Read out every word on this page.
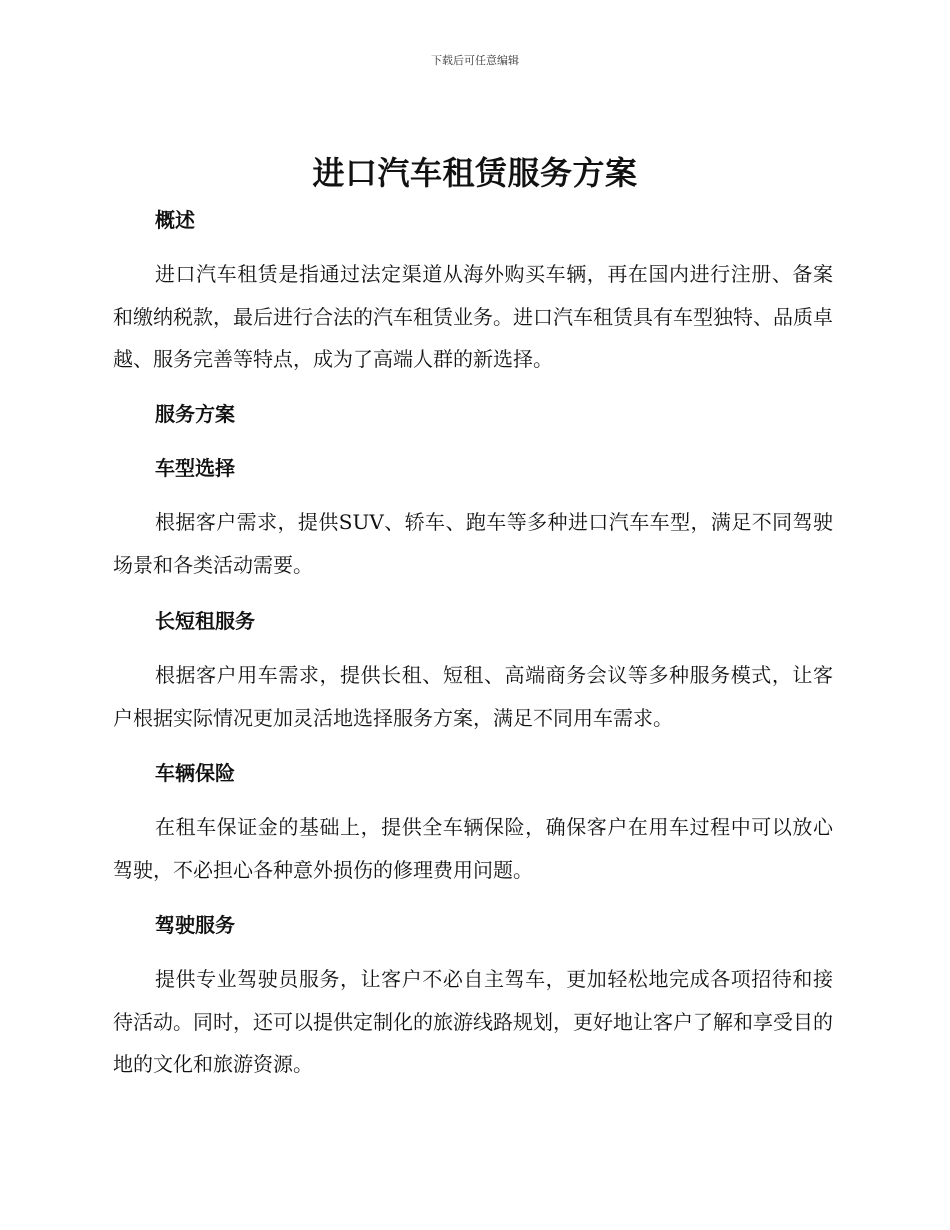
下载后可任意编辑
进口汽车租赁服务方案
概述

进口汽车租赁是指通过法定渠道从海外购买车辆，再在国内进行注册、备案和缴纳税款，最后进行合法的汽车租赁业务。进口汽车租赁具有车型独特、品质卓越、服务完善等特点，成为了高端人群的新选择。

服务方案
车型选择

根据客户需求，提供SUV、轿车、跑车等多种进口汽车车型，满足不同驾驶场景和各类活动需要。

长短租服务

根据客户用车需求，提供长租、短租、高端商务会议等多种服务模式，让客户根据实际情况更加灵活地选择服务方案，满足不同用车需求。

车辆保险

在租车保证金的基础上，提供全车辆保险，确保客户在用车过程中可以放心驾驶，不必担心各种意外损伤的修理费用问题。

驾驶服务

提供专业驾驶员服务，让客户不必自主驾车，更加轻松地完成各项招待和接待活动。同时，还可以提供定制化的旅游线路规划，更好地让客户了解和享受目的地的文化和旅游资源。
